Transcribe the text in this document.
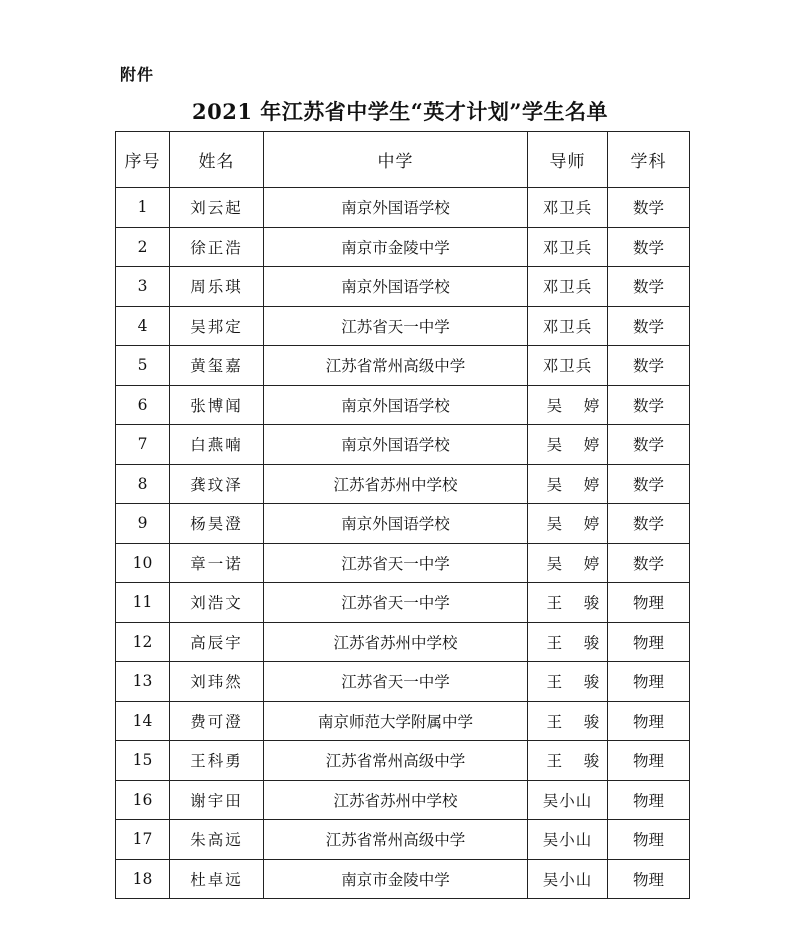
附件
2021 年江苏省中学生“英才计划”学生名单
序号	姓名	中学	导师	学科
1	刘云起	南京外国语学校	邓卫兵	数学
2	徐正浩	南京市金陵中学	邓卫兵	数学
3	周乐琪	南京外国语学校	邓卫兵	数学
4	吴邦定	江苏省天一中学	邓卫兵	数学
5	黄玺嘉	江苏省常州高级中学	邓卫兵	数学
6	张博闻	南京外国语学校	吴婷	数学
7	白燕喃	南京外国语学校	吴婷	数学
8	龚玟泽	江苏省苏州中学校	吴婷	数学
9	杨昊澄	南京外国语学校	吴婷	数学
10	章一诺	江苏省天一中学	吴婷	数学
11	刘浩文	江苏省天一中学	王骏	物理
12	高辰宇	江苏省苏州中学校	王骏	物理
13	刘玮然	江苏省天一中学	王骏	物理
14	费可澄	南京师范大学附属中学	王骏	物理
15	王科勇	江苏省常州高级中学	王骏	物理
16	谢宇田	江苏省苏州中学校	吴小山	物理
17	朱高远	江苏省常州高级中学	吴小山	物理
18	杜卓远	南京市金陵中学	吴小山	物理
